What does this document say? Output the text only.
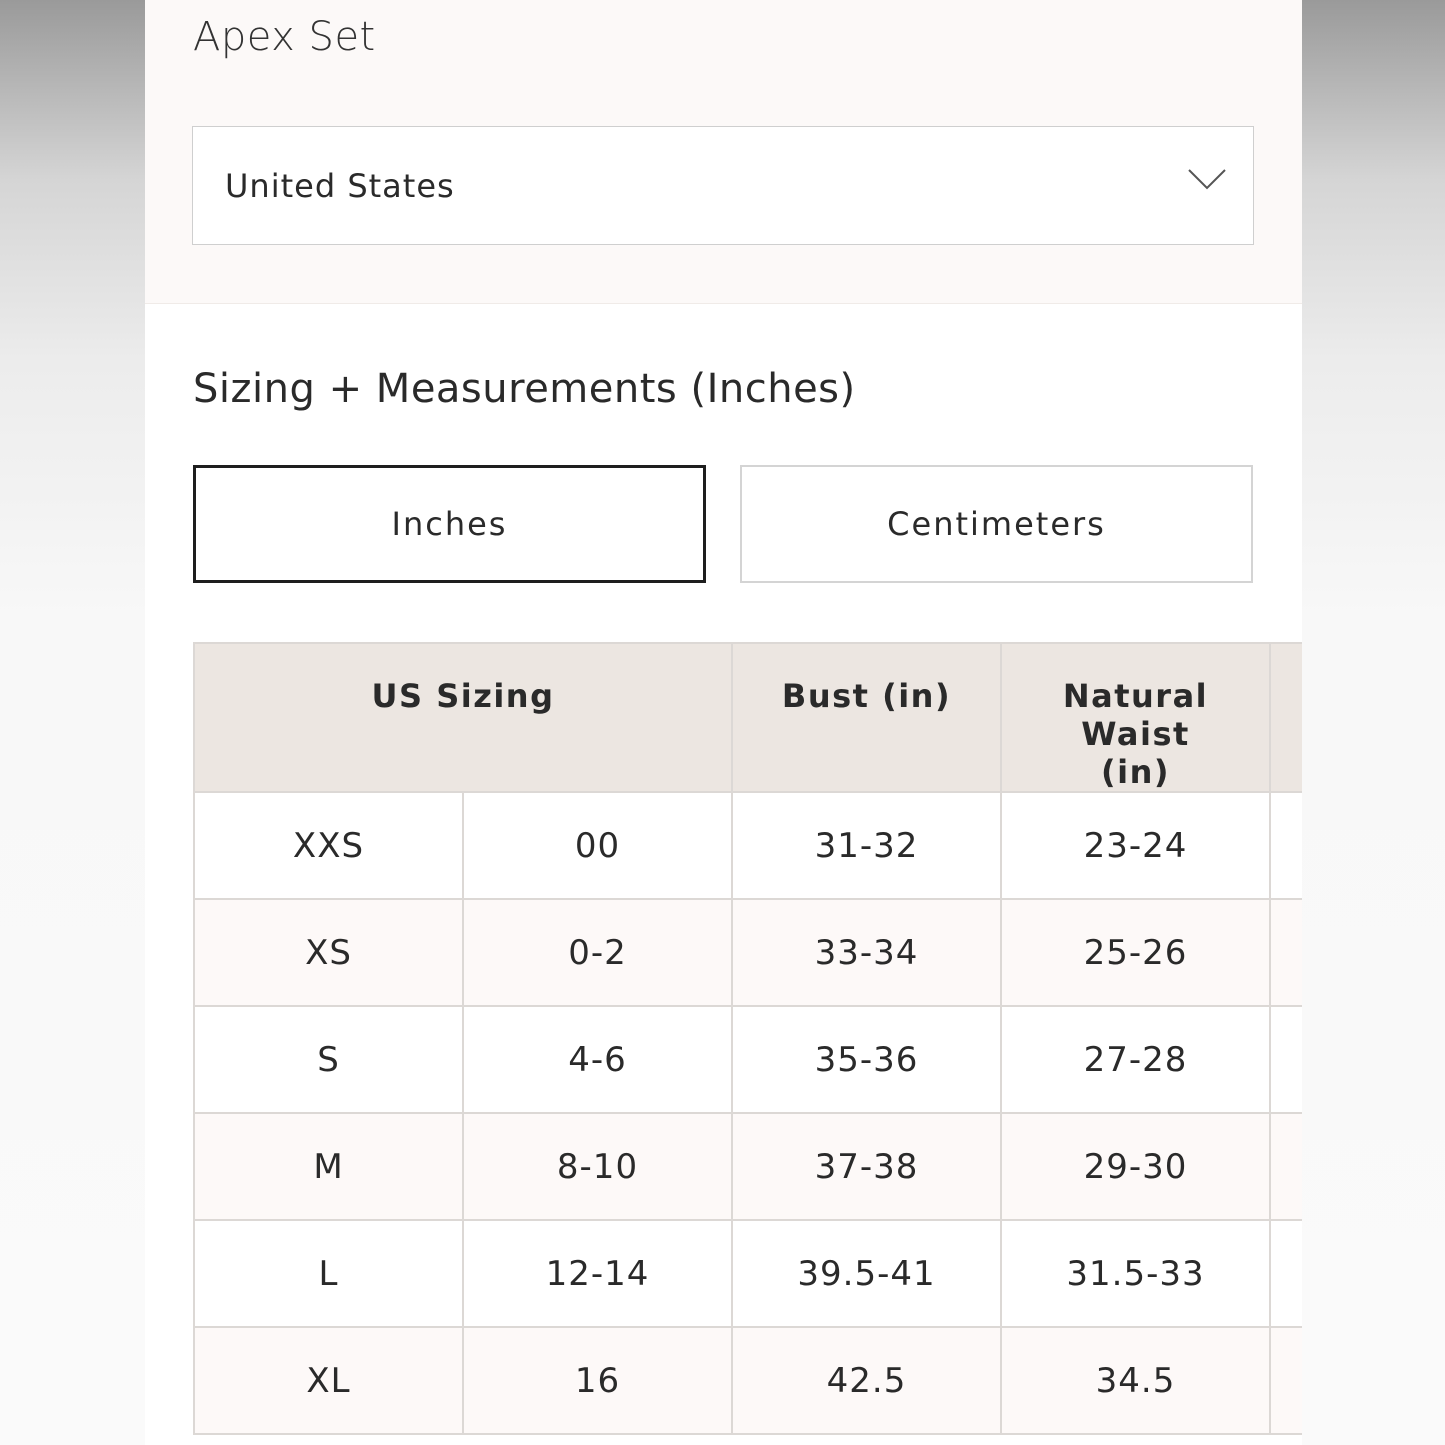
Apex Set
United States
Sizing + Measurements (Inches)
Inches	Centimeters
US Sizing		Bust (in)	Natural Waist (in)	
XXS	00	31-32	23-24	
XS	0-2	33-34	25-26	
S	4-6	35-36	27-28	
M	8-10	37-38	29-30	
L	12-14	39.5-41	31.5-33	
XL	16	42.5	34.5	
